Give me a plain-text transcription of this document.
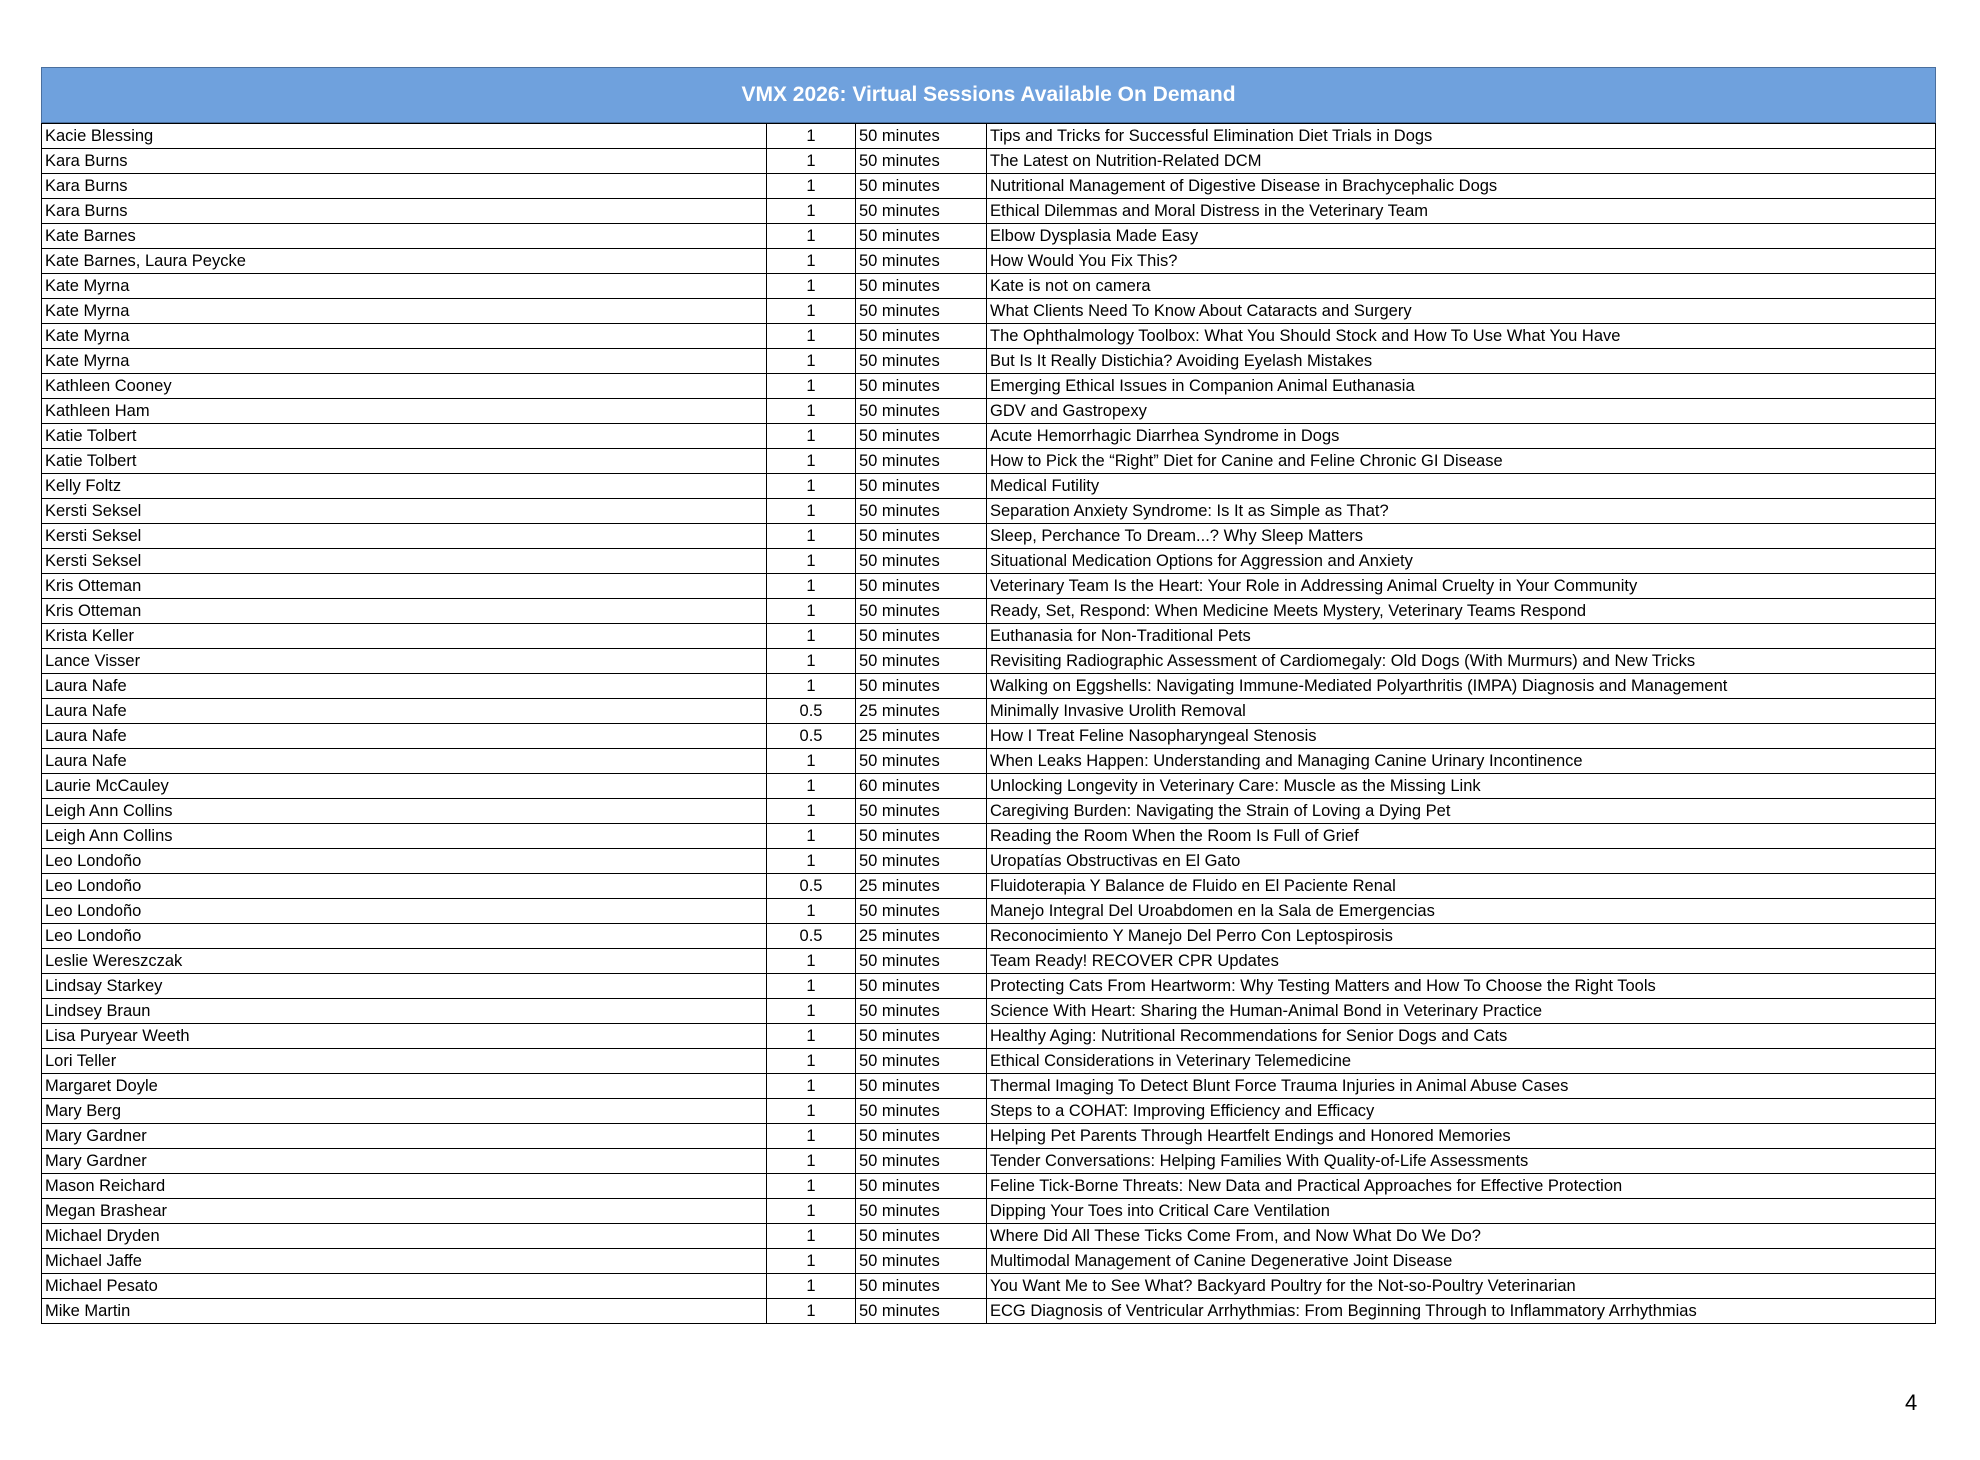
VMX 2026: Virtual Sessions Available On Demand
Kacie Blessing	1	50 minutes	Tips and Tricks for Successful Elimination Diet Trials in Dogs
Kara Burns	1	50 minutes	The Latest on Nutrition-Related DCM
Kara Burns	1	50 minutes	Nutritional Management of Digestive Disease in Brachycephalic Dogs
Kara Burns	1	50 minutes	Ethical Dilemmas and Moral Distress in the Veterinary Team
Kate Barnes	1	50 minutes	Elbow Dysplasia Made Easy
Kate Barnes, Laura Peycke	1	50 minutes	How Would You Fix This?
Kate Myrna	1	50 minutes	Kate is not on camera
Kate Myrna	1	50 minutes	What Clients Need To Know About Cataracts and Surgery
Kate Myrna	1	50 minutes	The Ophthalmology Toolbox: What You Should Stock and How To Use What You Have
Kate Myrna	1	50 minutes	But Is It Really Distichia? Avoiding Eyelash Mistakes
Kathleen Cooney	1	50 minutes	Emerging Ethical Issues in Companion Animal Euthanasia
Kathleen Ham	1	50 minutes	GDV and Gastropexy
Katie Tolbert	1	50 minutes	Acute Hemorrhagic Diarrhea Syndrome in Dogs
Katie Tolbert	1	50 minutes	How to Pick the “Right” Diet for Canine and Feline Chronic GI Disease
Kelly Foltz	1	50 minutes	Medical Futility
Kersti Seksel	1	50 minutes	Separation Anxiety Syndrome: Is It as Simple as That?
Kersti Seksel	1	50 minutes	Sleep, Perchance To Dream...? Why Sleep Matters
Kersti Seksel	1	50 minutes	Situational Medication Options for Aggression and Anxiety
Kris Otteman	1	50 minutes	Veterinary Team Is the Heart: Your Role in Addressing Animal Cruelty in Your Community
Kris Otteman	1	50 minutes	Ready, Set, Respond: When Medicine Meets Mystery, Veterinary Teams Respond
Krista Keller	1	50 minutes	Euthanasia for Non-Traditional Pets
Lance Visser	1	50 minutes	Revisiting Radiographic Assessment of Cardiomegaly: Old Dogs (With Murmurs) and New Tricks
Laura Nafe	1	50 minutes	Walking on Eggshells: Navigating Immune-Mediated Polyarthritis (IMPA) Diagnosis and Management
Laura Nafe	0.5	25 minutes	Minimally Invasive Urolith Removal
Laura Nafe	0.5	25 minutes	How I Treat Feline Nasopharyngeal Stenosis
Laura Nafe	1	50 minutes	When Leaks Happen: Understanding and Managing Canine Urinary Incontinence
Laurie McCauley	1	60 minutes	Unlocking Longevity in Veterinary Care: Muscle as the Missing Link
Leigh Ann Collins	1	50 minutes	Caregiving Burden: Navigating the Strain of Loving a Dying Pet
Leigh Ann Collins	1	50 minutes	Reading the Room When the Room Is Full of Grief
Leo Londoño	1	50 minutes	Uropatías Obstructivas en El Gato
Leo Londoño	0.5	25 minutes	Fluidoterapia Y Balance de Fluido en El Paciente Renal
Leo Londoño	1	50 minutes	Manejo Integral Del Uroabdomen en la Sala de Emergencias
Leo Londoño	0.5	25 minutes	Reconocimiento Y Manejo Del Perro Con Leptospirosis
Leslie Wereszczak	1	50 minutes	Team Ready! RECOVER CPR Updates
Lindsay Starkey	1	50 minutes	Protecting Cats From Heartworm: Why Testing Matters and How To Choose the Right Tools
Lindsey Braun	1	50 minutes	Science With Heart: Sharing the Human-Animal Bond in Veterinary Practice
Lisa Puryear Weeth	1	50 minutes	Healthy Aging: Nutritional Recommendations for Senior Dogs and Cats
Lori Teller	1	50 minutes	Ethical Considerations in Veterinary Telemedicine
Margaret Doyle	1	50 minutes	Thermal Imaging To Detect Blunt Force Trauma Injuries in Animal Abuse Cases
Mary Berg	1	50 minutes	Steps to a COHAT: Improving Efficiency and Efficacy
Mary Gardner	1	50 minutes	Helping Pet Parents Through Heartfelt Endings and Honored Memories
Mary Gardner	1	50 minutes	Tender Conversations: Helping Families With Quality-of-Life Assessments
Mason Reichard	1	50 minutes	Feline Tick-Borne Threats: New Data and Practical Approaches for Effective Protection
Megan Brashear	1	50 minutes	Dipping Your Toes into Critical Care Ventilation
Michael Dryden	1	50 minutes	Where Did All These Ticks Come From, and Now What Do We Do?
Michael Jaffe	1	50 minutes	Multimodal Management of Canine Degenerative Joint Disease
Michael Pesato	1	50 minutes	You Want Me to See What? Backyard Poultry for the Not-so-Poultry Veterinarian
Mike Martin	1	50 minutes	ECG Diagnosis of Ventricular Arrhythmias: From Beginning Through to Inflammatory Arrhythmias
4
